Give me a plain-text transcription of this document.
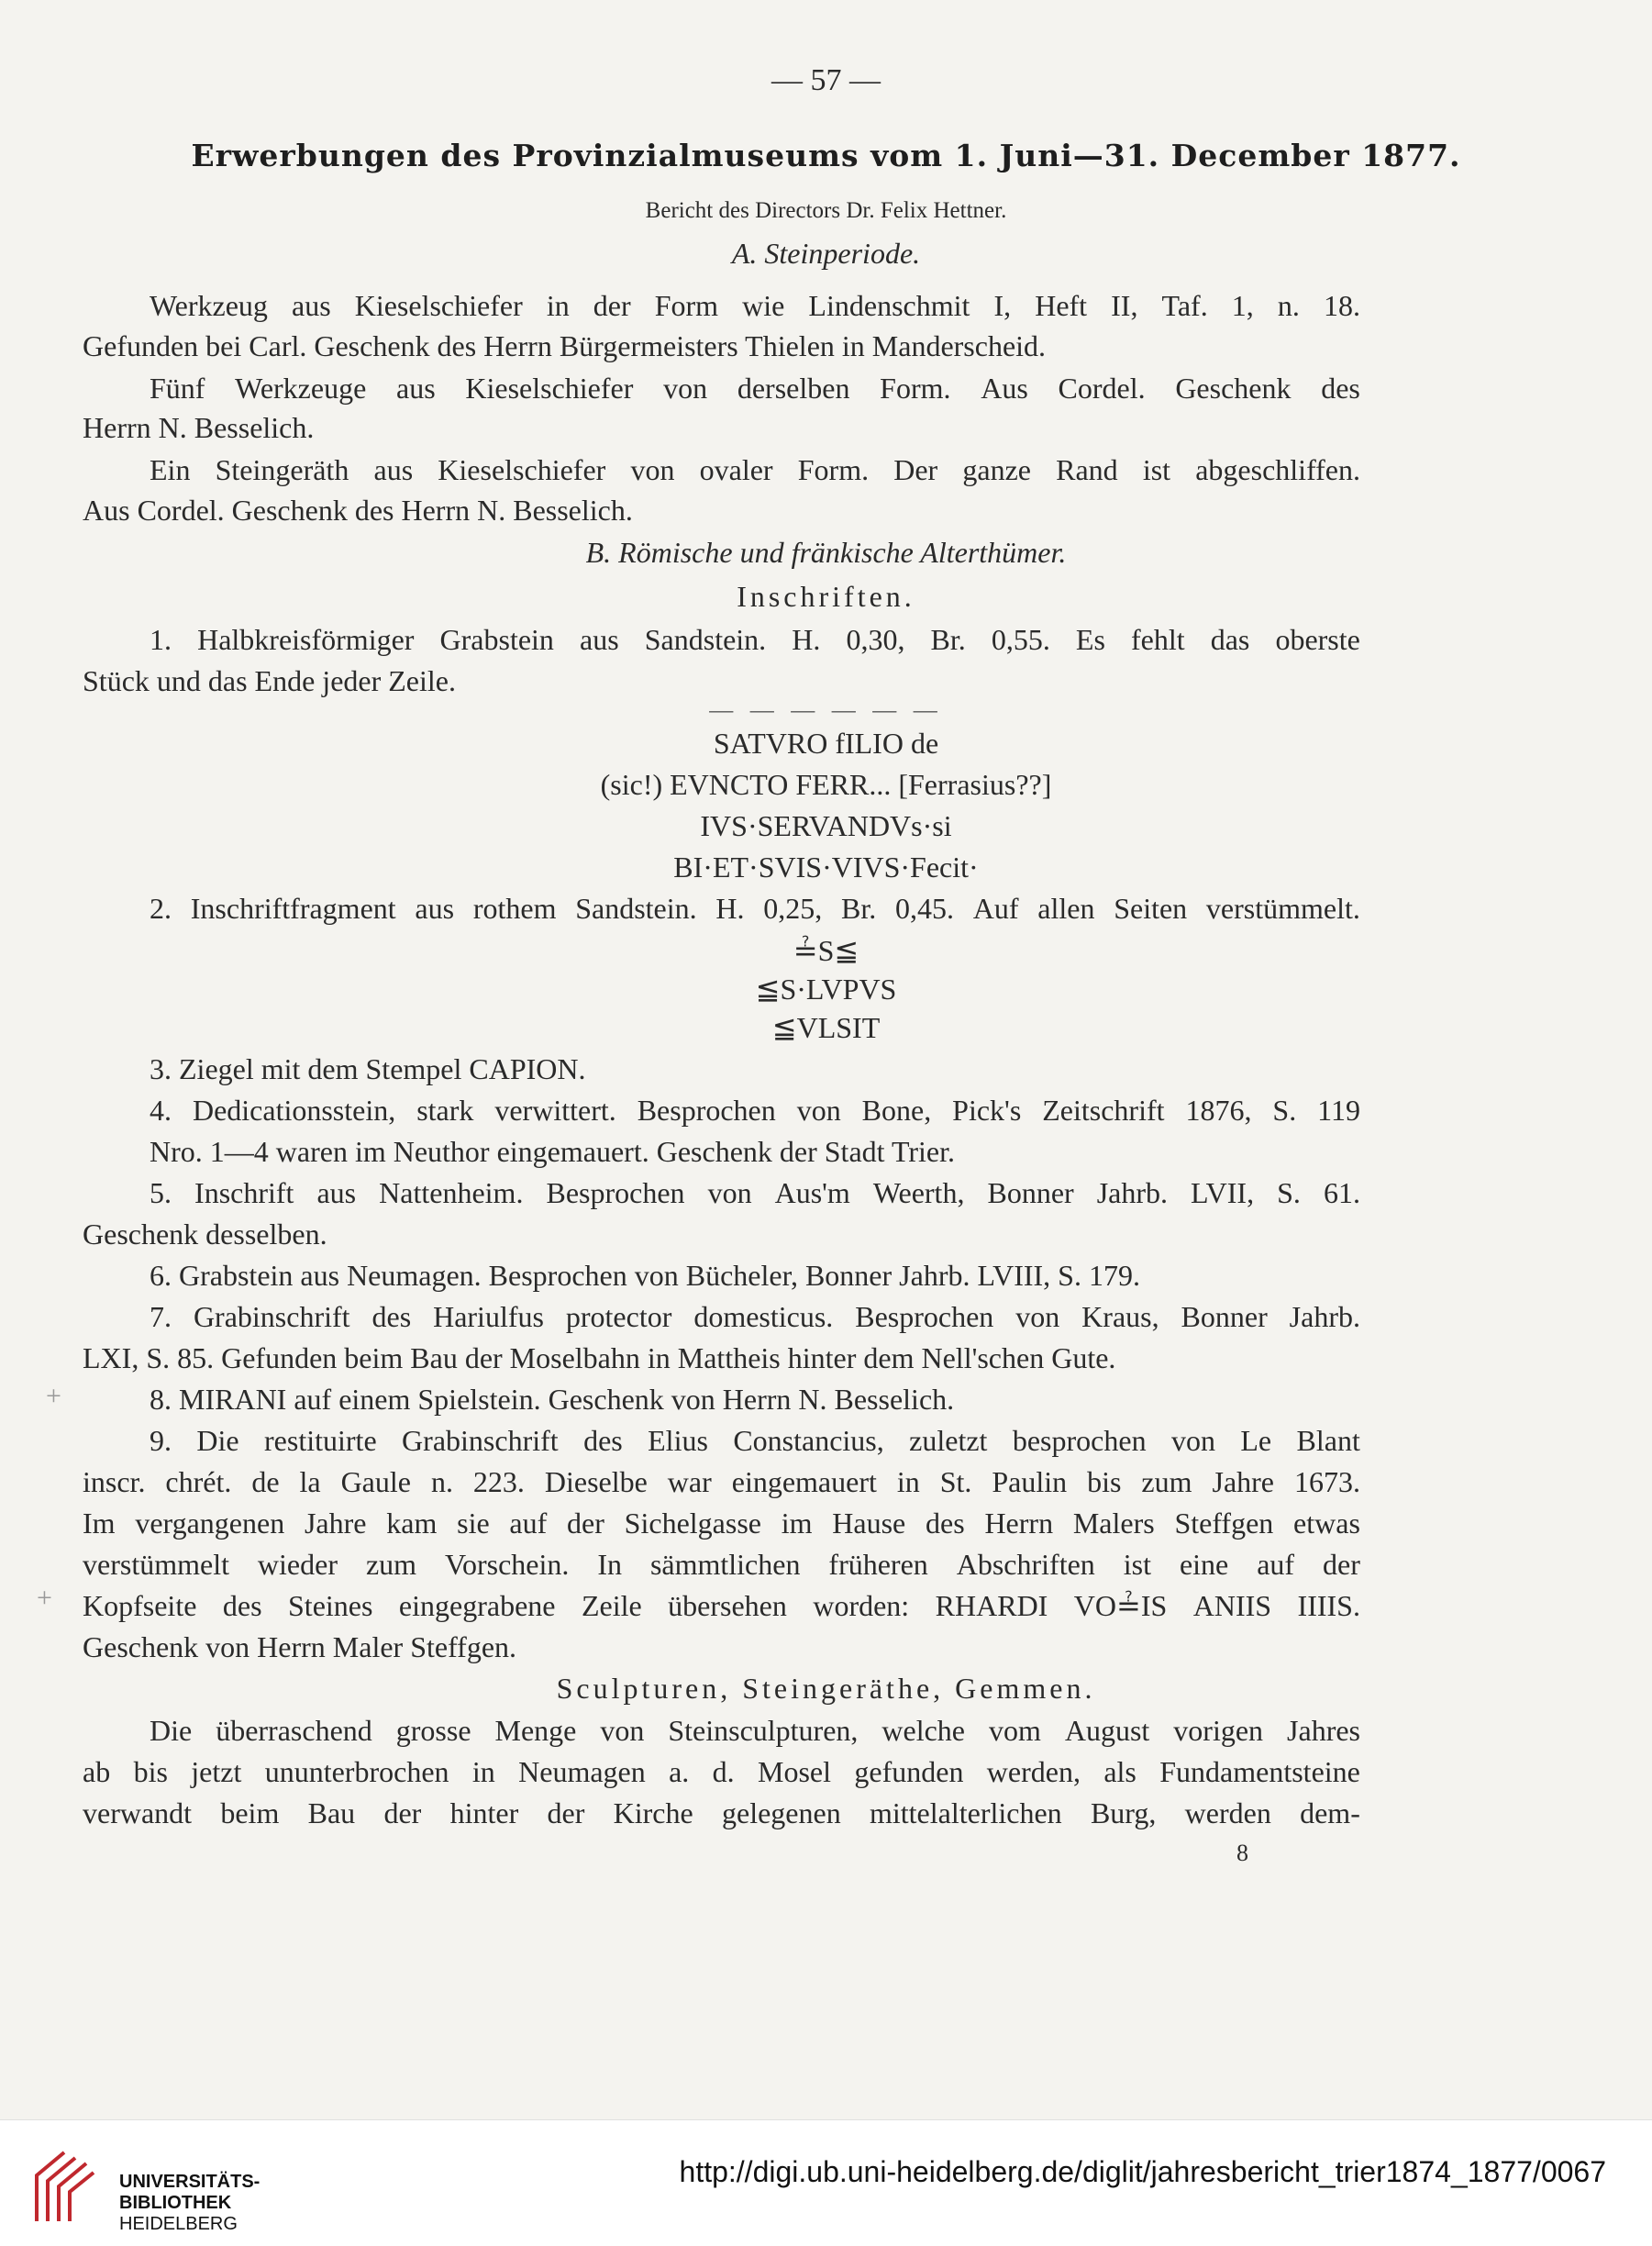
— 57 —
Erwerbungen des Provinzialmuseums vom 1. Juni—31. December 1877.
Bericht des Directors Dr. Felix Hettner.
A. Steinperiode.
Werkzeug aus Kieselschiefer in der Form wie Lindenschmit I, Heft II, Taf. 1, n. 18.
Gefunden bei Carl. Geschenk des Herrn Bürgermeisters Thielen in Manderscheid.
Fünf Werkzeuge aus Kieselschiefer von derselben Form. Aus Cordel. Geschenk des
Herrn N. Besselich.
Ein Steingeräth aus Kieselschiefer von ovaler Form. Der ganze Rand ist abgeschliffen.
Aus Cordel. Geschenk des Herrn N. Besselich.
B. Römische und fränkische Alterthümer.
Inschriften.
1. Halbkreisförmiger Grabstein aus Sandstein. H. 0,30, Br. 0,55. Es fehlt das oberste
Stück und das Ende jeder Zeile.
— — — — — —
SATVRO fILIO de
(sic!) EVNCTO FERR... [Ferrasius??]
IVS·SERVANDVs·si
BI·ET·SVIS·VIVS·Fecit·
2. Inschriftfragment aus rothem Sandstein. H. 0,25, Br. 0,45. Auf allen Seiten verstümmelt.
≟S≦
≦S·LVPVS
≦VLSIT
3. Ziegel mit dem Stempel CAPION.
4. Dedicationsstein, stark verwittert. Besprochen von Bone, Pick's Zeitschrift 1876, S. 119
Nro. 1—4 waren im Neuthor eingemauert. Geschenk der Stadt Trier.
5. Inschrift aus Nattenheim. Besprochen von Aus'm Weerth, Bonner Jahrb. LVII, S. 61.
Geschenk desselben.
6. Grabstein aus Neumagen. Besprochen von Bücheler, Bonner Jahrb. LVIII, S. 179.
7. Grabinschrift des Hariulfus protector domesticus. Besprochen von Kraus, Bonner Jahrb.
LXI, S. 85. Gefunden beim Bau der Moselbahn in Mattheis hinter dem Nell'schen Gute.
8. MIRANI auf einem Spielstein. Geschenk von Herrn N. Besselich.
9. Die restituirte Grabinschrift des Elius Constancius, zuletzt besprochen von Le Blant
inscr. chrét. de la Gaule n. 223. Dieselbe war eingemauert in St. Paulin bis zum Jahre 1673.
Im vergangenen Jahre kam sie auf der Sichelgasse im Hause des Herrn Malers Steffgen etwas
verstümmelt wieder zum Vorschein. In sämmtlichen früheren Abschriften ist eine auf der
Kopfseite des Steines eingegrabene Zeile übersehen worden: RHARDI VO≟IS ANIIS IIIIS.
Geschenk von Herrn Maler Steffgen.
Sculpturen, Steingeräthe, Gemmen.
Die überraschend grosse Menge von Steinsculpturen, welche vom August vorigen Jahres
ab bis jetzt ununterbrochen in Neumagen a. d. Mosel gefunden werden, als Fundamentsteine
verwandt beim Bau der hinter der Kirche gelegenen mittelalterlichen Burg, werden dem-
8
+
+
UNIVERSITÄTS-
BIBLIOTHEK
HEIDELBERG
http://digi.ub.uni-heidelberg.de/diglit/jahresbericht_trier1874_1877/0067
